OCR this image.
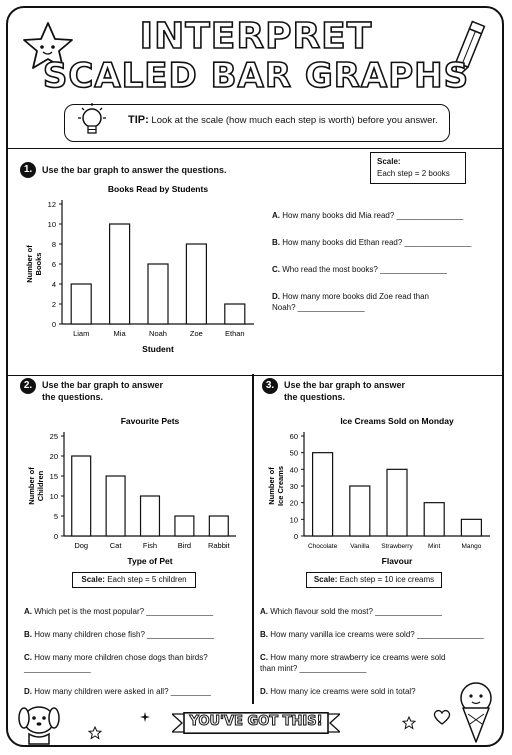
INTERPRET
SCALED BAR GRAPHS
TIP: Look at the scale (how much each step is worth) before you answer.
1.	Use the bar graph to answer the questions.
Scale:
Each step = 2 books
Books Read by Students
0
2
4
6
8
10
12
Liam	Mia	Noah	Zoe	Ethan
Student
Number ofBooks
A. How many books did Mia read? _______________
B. How many books did Ethan read? _______________
C. Who read the most books? _______________
D. How many more books did Zoe read than Noah? _______________
2.	Use the bar graph to answer
the questions.
Favourite Pets
0
5
10
15
20
25
Dog	Cat	Fish	Bird Rabbit
Type of Pet
Number ofChildren
Scale: Each step = 5 children
A. Which pet is the most popular? _______________
B. How many children chose fish? _______________
C. How many more children chose dogs than birds? _______________
D. How many children were asked in all? _________
3.	Use the bar graph to answer
the questions.
Ice Creams Sold on Monday
0
10
20
30
40
50
60
Chocolate Vanilla Strawberry Mint	Mango
Flavour
Number ofIce Creams
Scale: Each step = 10 ice creams
A. Which flavour sold the most? _______________
B. How many vanilla ice creams were sold? _______________
C. How many more strawberry ice creams were sold than mint? _______________
D. How many ice creams were sold in total?
YOU'VE GOT THIS!
